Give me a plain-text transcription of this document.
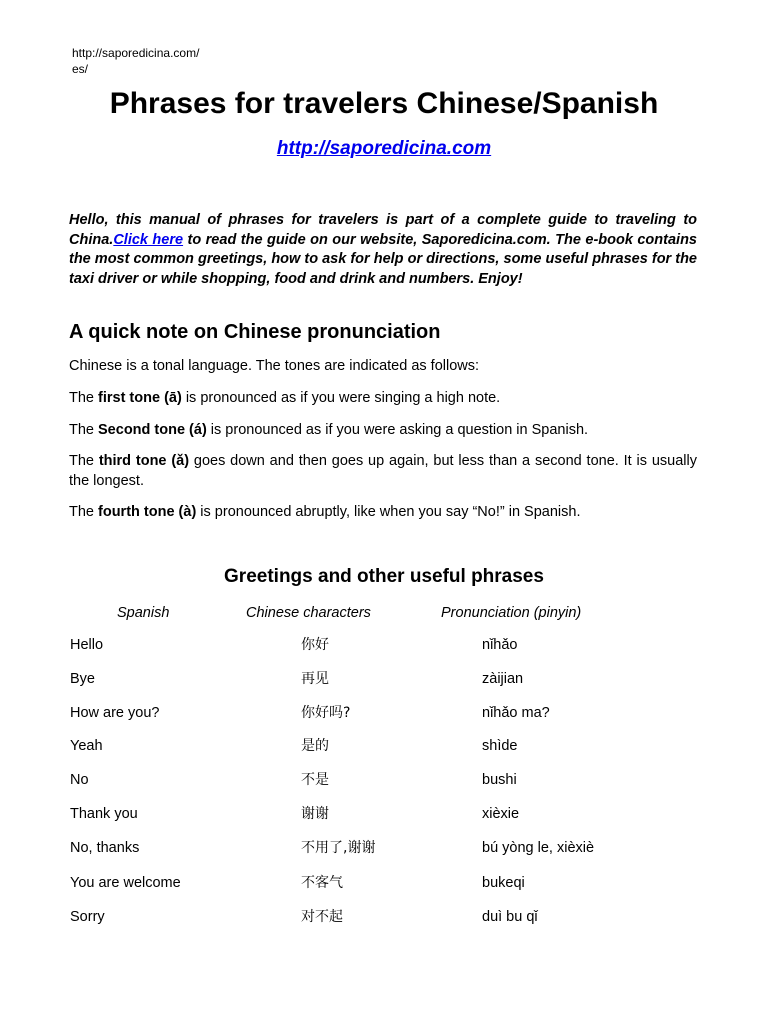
http://saporedicina.com/
es/
Phrases for travelers Chinese/Spanish
http://saporedicina.com

Hello, this manual of phrases for travelers is part of a complete guide to traveling to China.Click here to read the guide on our website, Saporedicina.com. The e-book contains the most common greetings, how to ask for help or directions, some useful phrases for the taxi driver or while shopping, food and drink and numbers. Enjoy!

A quick note on Chinese pronunciation

Chinese is a tonal language. The tones are indicated as follows:

The first tone (ā) is pronounced as if you were singing a high note.

The Second tone (á) is pronounced as if you were asking a question in Spanish.

The third tone (ǎ) goes down and then goes up again, but less than a second tone. It is usually the longest.

The fourth tone (à) is pronounced abruptly, like when you say “No!” in Spanish.

Greetings and other useful phrases
Spanish	Chinese characters	Pronunciation (pinyin)
Hello	你好	nǐhǎo
Bye	再见	zàijian
How are you?	你好吗?	nǐhǎo ma?
Yeah	是的	shìde
No	不是	bushi
Thank you	谢谢	xièxie
No, thanks	不用了,谢谢	bú yòng le, xièxiè
You are welcome	不客气	bukeqi
Sorry	对不起	duì bu qǐ
